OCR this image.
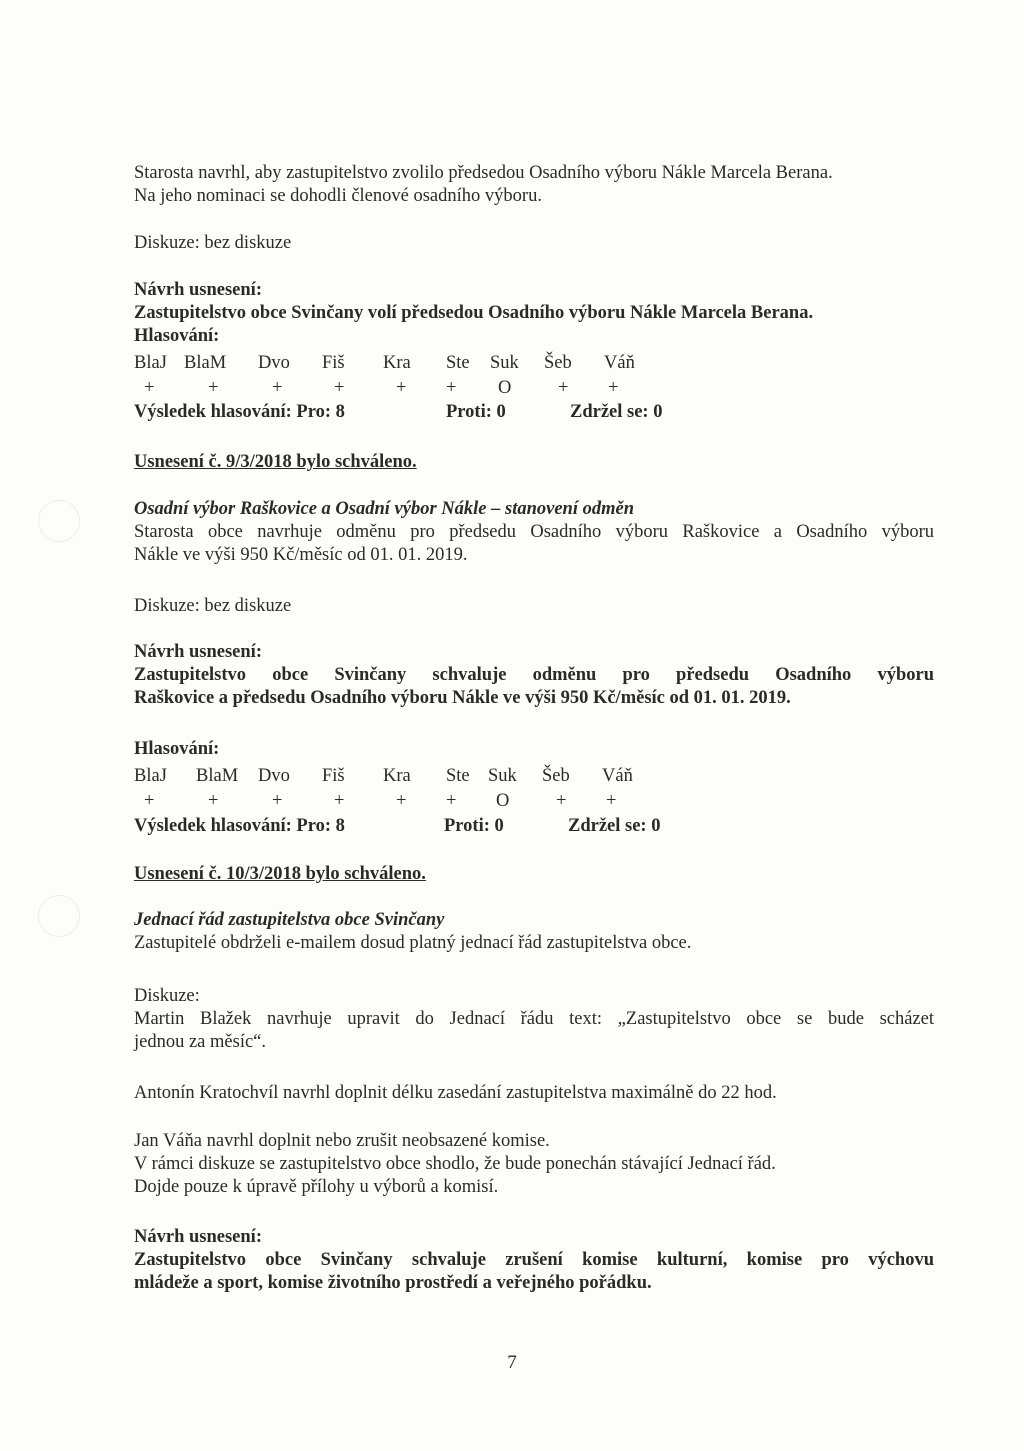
Starosta navrhl, aby zastupitelstvo zvolilo předsedou Osadního výboru Nákle Marcela Berana.
Na jeho nominaci se dohodli členové osadního výboru.
Diskuze: bez diskuze
Návrh usnesení:
Zastupitelstvo obce Svinčany volí předsedou Osadního výboru Nákle Marcela Berana.
Hlasování:
BlaJ BlaM Dvo Fiš Kra Ste Suk Šeb Váň
+	+	+	+	+ + O	+ +
Výsledek hlasování: Pro: 8	Proti: 0	Zdržel se: 0
Usnesení č. 9/3/2018 bylo schváleno.
Osadní výbor Raškovice a Osadní výbor Nákle – stanovení odměn
Starosta obce navrhuje odměnu pro předsedu Osadního výboru Raškovice a Osadního výboru
Nákle ve výši 950 Kč/měsíc od 01. 01. 2019.
Diskuze: bez diskuze
Návrh usnesení:
Zastupitelstvo obce Svinčany schvaluje odměnu pro předsedu Osadního výboru
Raškovice a předsedu Osadního výboru Nákle ve výši 950 Kč/měsíc od 01. 01. 2019.
Hlasování:
BlaJ BlaM Dvo Fiš Kra Ste Suk Šeb Váň
+	+	+	+	+ + O	+ +
Výsledek hlasování: Pro: 8	Proti: 0	Zdržel se: 0
Usnesení č. 10/3/2018 bylo schváleno.
Jednací řád zastupitelstva obce Svinčany
Zastupitelé obdrželi e-mailem dosud platný jednací řád zastupitelstva obce.
Diskuze:
Martin Blažek navrhuje upravit do Jednací řádu text: „Zastupitelstvo obce se bude scházet
jednou za měsíc“.
Antonín Kratochvíl navrhl doplnit délku zasedání zastupitelstva maximálně do 22 hod.
Jan Váňa navrhl doplnit nebo zrušit neobsazené komise.
V rámci diskuze se zastupitelstvo obce shodlo, že bude ponechán stávající Jednací řád.
Dojde pouze k úpravě přílohy u výborů a komisí.
Návrh usnesení:
Zastupitelstvo obce Svinčany schvaluje zrušení komise kulturní, komise pro výchovu
mládeže a sport, komise životního prostředí a veřejného pořádku.
7
